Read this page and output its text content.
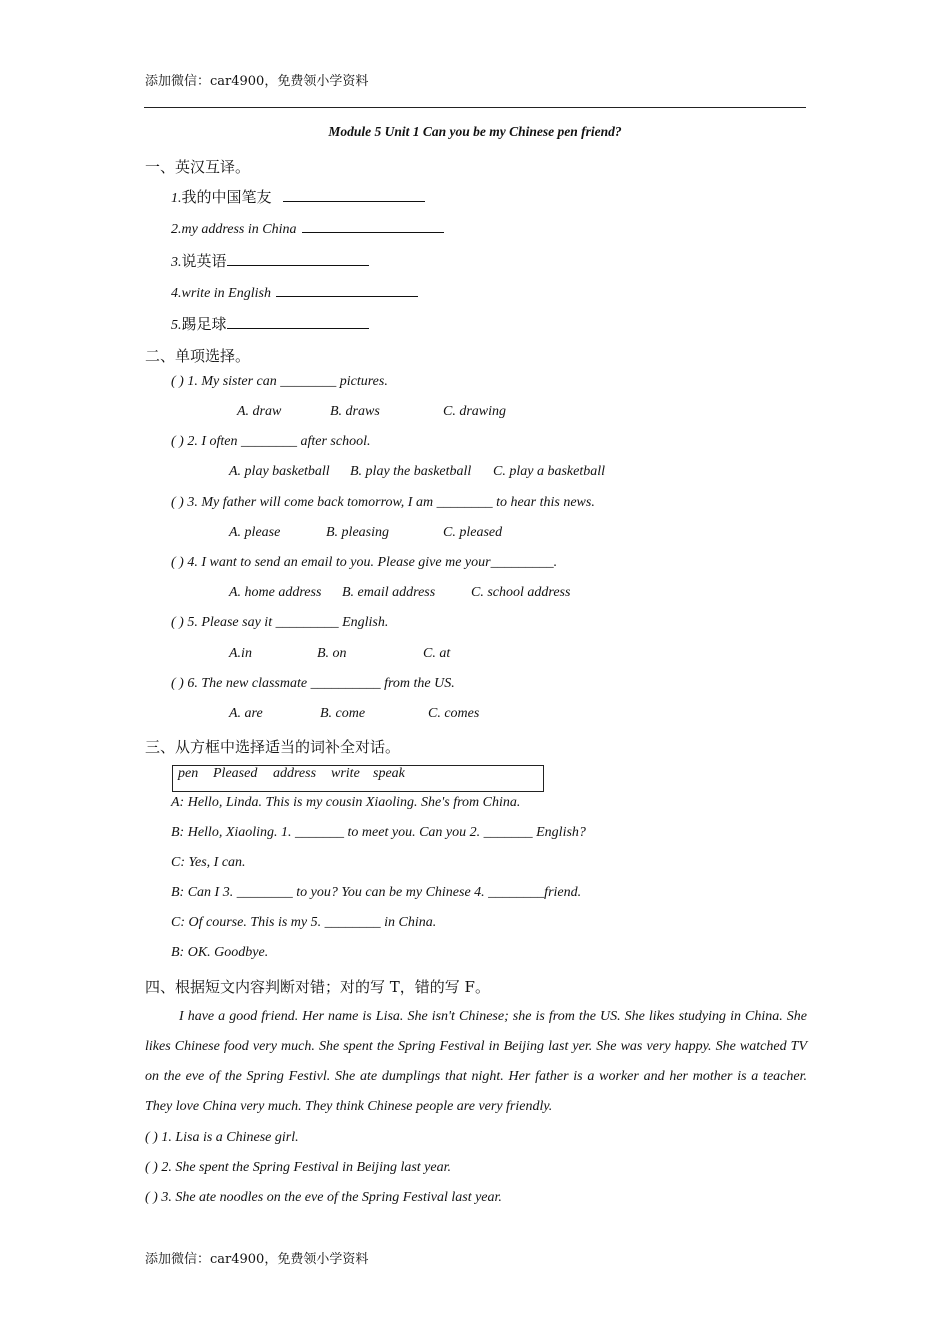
添加微信：car4900，免费领小学资料
Module 5 Unit 1 Can you be my Chinese pen friend?
一、英汉互译。
1.我的中国笔友
2.my address in China
3.说英语
4.write in English
5.踢足球
二、单项选择。
( ) 1. My sister can ________ pictures.
A. draw	B. draws	C. drawing
( ) 2. I often ________ after school.
A. play basketball B. play the basketball C. play a basketball
( ) 3. My father will come back tomorrow, I am ________ to hear this news.
A. please	B. pleasing	C. pleased
( ) 4. I want to send an email to you. Please give me your_________.
A. home address B. email address	C. school address
( ) 5. Please say it _________ English.
A.in	B. on	C. at
( ) 6. The new classmate __________ from the US.
A. are	B. come	C. comes
三、从方框中选择适当的词补全对话。
pen Pleased address write speak
A: Hello, Linda. This is my cousin Xiaoling. She's from China.
B: Hello, Xiaoling. 1. _______ to meet you. Can you 2. _______ English?
C: Yes, I can.
B: Can I 3. ________ to you? You can be my Chinese 4. ________friend.
C: Of course. This is my 5. ________ in China.
B: OK. Goodbye.
四、根据短文内容判断对错；对的写 T，错的写 F。
I have a good friend. Her name is Lisa. She isn't Chinese; she is from the US. She likes studying in China. She likes Chinese food very much. She spent the Spring Festival in Beijing last yer. She was very happy. She watched TV on the eve of the Spring Festivl. She ate dumplings that night. Her father is a worker and her mother is a teacher. They love China very much. They think Chinese people are very friendly.
( ) 1. Lisa is a Chinese girl.
( ) 2. She spent the Spring Festival in Beijing last year.
( ) 3. She ate noodles on the eve of the Spring Festival last year.
添加微信：car4900，免费领小学资料
